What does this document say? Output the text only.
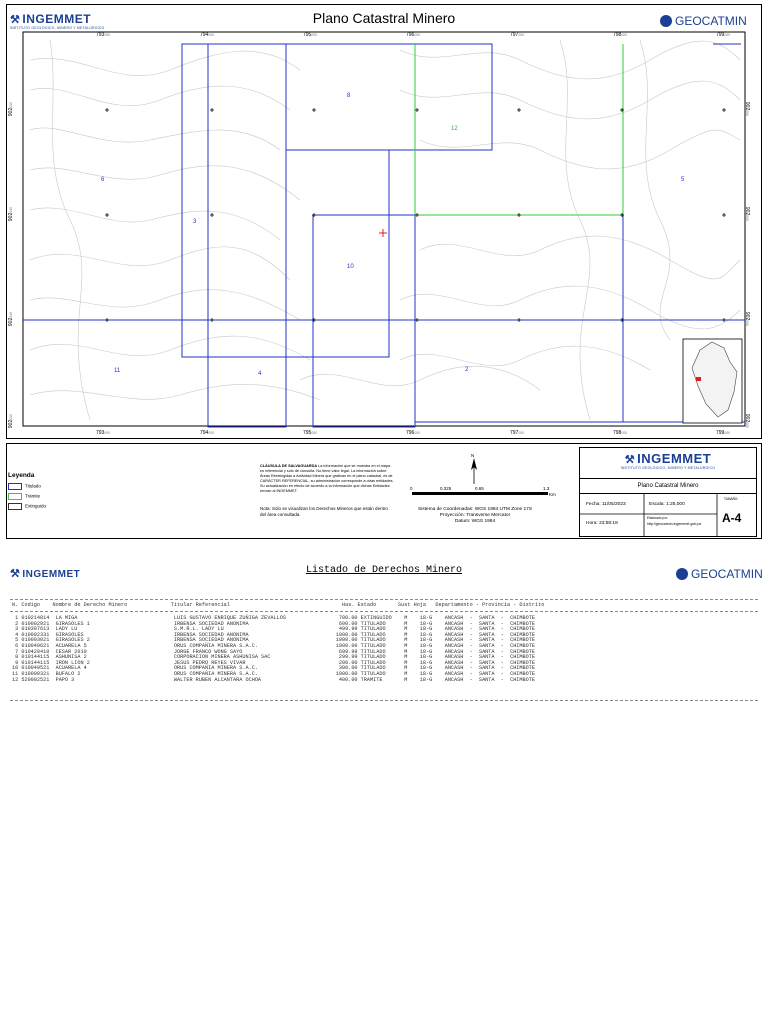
⚒ INGEMMET
INSTITUTO GEOLÓGICO, MINERO Y METALÚRGICO
Plano Catastral Minero	GEOCATMIN
793000	794000	795000	796000	797000	798000	799000
793000	794000	795000	796000	797000	798000	799000
902000
902000
902000
902000
902000
902000
902000
902000
8
12
6	5
3
10
11	4
2
Leyenda
Titulado
Trámite
Extinguido
CLÁUSULA DE SALVAGUARDA La información que se muestra en el mapa es referencial y solo de consulta. No tiene valor legal. La información sobre Áreas Restringidas a Actividad Minera que grafican en el plano catastral, es de CARÁCTER REFERENCIAL, su administración corresponde a otras entidades. Su actualización en efecto de acuerdo a la información que dichas Entidades envían al INGEMMET.
Nota: Solo se visualizan los Derechos Mineros que están dentro del área consultada.
N
0	0.325	0.65	1.3
Km
Sistema de Coordenadas: WGS 1984 UTM Zone 17S
Proyección: Transverse Mercator
Datum: WGS 1984
⚒ INGEMMET
INSTITUTO GEOLÓGICO, MINERO Y METALÚRGICO
Plano Catastral Minero
Fecha: 11/05/2023	Escala: 1:25,000
Hora: 23:58:18
Elaborado por:
http://geocatmin.ingemmet.gob.pe
TAMAÑO:
A-4
⚒ INGEMMET	Listado de Derechos Minero	GEOCATMIN
N. Codigo    Nombre de Derecho Minero              Titular Referencial                                    Has. Estado       Sust Hoja   Departamento - Provincia - Distrito
1 010214814  LA MIGA                               LUIS GUSTAVO ENRIQUE ZUÑIGA ZEVALLOS                 700.00 EXTINGUIDO    M    18-G    ANCASH  -  SANTA  -  CHIMBOTE
2 010002921  GIRASOLES 1                           IRBENSA SOCIEDAD ANONIMA                             600.00 TITULADO      M    18-G    ANCASH  -  SANTA  -  CHIMBOTE
3 010307613  LADY LU                               S.M.R.L. LADY LU                                     499.99 TITULADO      M    18-G    ANCASH  -  SANTA  -  CHIMBOTE
4 010002331  GIRASOLES                             IRBENSA SOCIEDAD ANONIMA                            1000.00 TITULADO      M    18-G    ANCASH  -  SANTA  -  CHIMBOTE
5 010003021  GIRASOLES 2                           IRBENSA SOCIEDAD ANONIMA                            1000.00 TITULADO      M    18-G    ANCASH  -  SANTA  -  CHIMBOTE
6 010049621  ACUARELA 5                            ORUS COMPAÑIA MINERA S.A.C.                         1000.00 TITULADO      M    18-G    ANCASH  -  SANTA  -  CHIMBOTE
7 010420410  CESAR 2010                            JORGE FRANCO WONG SAYO                               699.99 TITULADO      M    18-G    ANCASH  -  SANTA  -  CHIMBOTE
8 010144115  ASHUNISA 2                            CORPORACION MINERA ASHUNISA SAC                      299.99 TITULADO      M    18-G    ANCASH  -  SANTA  -  CHIMBOTE
9 010144115  IRON LION 2                           JESUS PEDRO REYES VIVAR                              200.00 TITULADO      M    18-G    ANCASH  -  SANTA  -  CHIMBOTE
10 010049521  ACUARELA 4                            ORUS COMPAÑIA MINERA S.A.C.                          300.00 TITULADO      M    18-G    ANCASH  -  SANTA  -  CHIMBOTE
11 010000321  BUFALO 2                              ORUS COMPAÑIA MINERA S.A.C.                         1000.00 TITULADO      M    18-G    ANCASH  -  SANTA  -  CHIMBOTE
12 520002521  PAPO 3                                WALTER RUBEN ALCANTARA OCHOA                         400.00 TRAMITE       M    18-G    ANCASH  -  SANTA  -  CHIMBOTE
